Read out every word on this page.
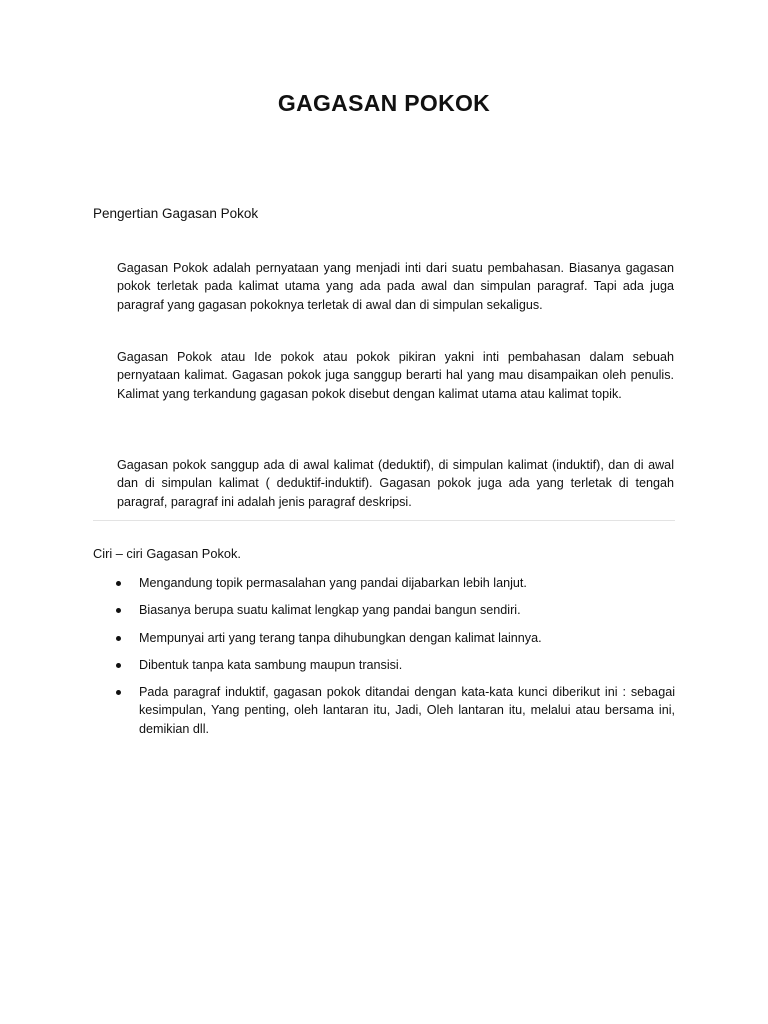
GAGASAN POKOK
Pengertian Gagasan Pokok

Gagasan Pokok adalah pernyataan yang menjadi inti dari suatu pembahasan. Biasanya gagasan pokok terletak pada kalimat utama yang ada pada awal dan simpulan paragraf. Tapi ada juga paragraf yang gagasan pokoknya terletak di awal dan di simpulan sekaligus.

Gagasan Pokok atau Ide pokok atau pokok pikiran yakni inti pembahasan dalam sebuah pernyataan kalimat. Gagasan pokok juga sanggup berarti hal yang mau disampaikan oleh penulis. Kalimat yang terkandung gagasan pokok disebut dengan kalimat utama atau kalimat topik.

Gagasan pokok sanggup ada di awal kalimat (deduktif), di simpulan kalimat (induktif), dan di awal dan di simpulan kalimat ( deduktif-induktif). Gagasan pokok juga ada yang terletak di tengah paragraf, paragraf ini adalah jenis paragraf deskripsi.

Ciri – ciri Gagasan Pokok.
Mengandung topik permasalahan yang pandai dijabarkan lebih lanjut.
Biasanya berupa suatu kalimat lengkap yang pandai bangun sendiri.
Mempunyai arti yang terang tanpa dihubungkan dengan kalimat lainnya.
Dibentuk tanpa kata sambung maupun transisi.
Pada paragraf induktif, gagasan pokok ditandai dengan kata-kata kunci diberikut ini : sebagai kesimpulan, Yang penting, oleh lantaran itu, Jadi, Oleh lantaran itu, melalui atau bersama ini, demikian dll.
